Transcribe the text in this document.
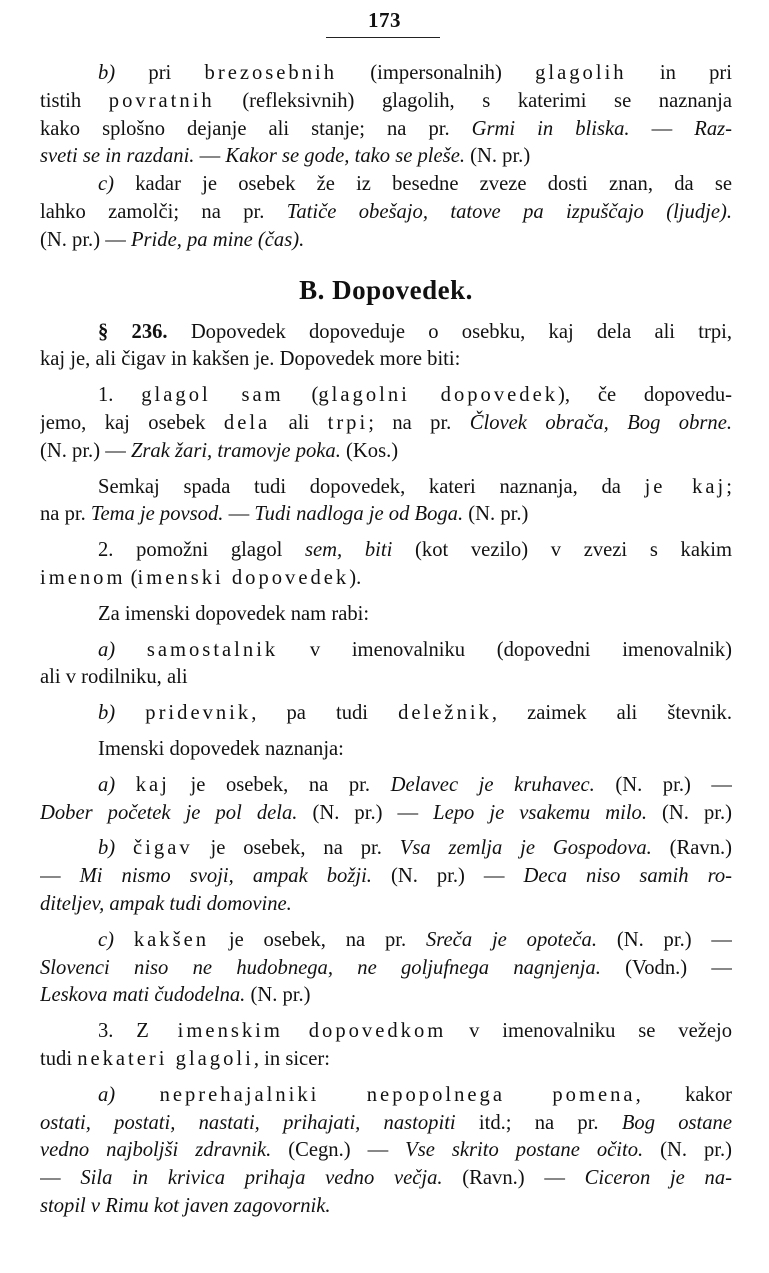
173
b) pri brezosebnih (impersonalnih) glagolih in pri
tistih povratnih (refleksivnih) glagolih, s katerimi se naznanja
kako splošno dejanje ali stanje; na pr. Grmi in bliska. — Raz-
sveti se in razdani. — Kakor se gode, tako se pleše. (N. pr.)
c) kadar je osebek že iz besedne zveze dosti znan, da se
lahko zamolči; na pr. Tatiče obešajo, tatove pa izpuščajo (ljudje).
(N. pr.) — Pride, pa mine (čas).
B. Dopovedek.
§ 236. Dopovedek dopoveduje o osebku, kaj dela ali trpi,
kaj je, ali čigav in kakšen je. Dopovedek more biti:
1. glagol sam (glagolni dopovedek), če dopovedu-
jemo, kaj osebek dela ali trpi; na pr. Človek obrača, Bog obrne.
(N. pr.) — Zrak žari, tramovje poka. (Kos.)
Semkaj spada tudi dopovedek, kateri naznanja, da je kaj;
na pr. Tema je povsod. — Tudi nadloga je od Boga. (N. pr.)
2. pomožni glagol sem, biti (kot vezilo) v zvezi s kakim
imenom (imenski dopovedek).
Za imenski dopovedek nam rabi:
a) samostalnik v imenovalniku (dopovedni imenovalnik)
ali v rodilniku, ali
b) pridevnik, pa tudi deležnik, zaimek ali števnik.
Imenski dopovedek naznanja:
a) kaj je osebek, na pr. Delavec je kruhavec. (N. pr.) —
Dober početek je pol dela. (N. pr.) — Lepo je vsakemu milo. (N. pr.)
b) čigav je osebek, na pr. Vsa zemlja je Gospodova. (Ravn.)
— Mi nismo svoji, ampak božji. (N. pr.) — Deca niso samih ro-
diteljev, ampak tudi domovine.
c) kakšen je osebek, na pr. Sreča je opoteča. (N. pr.) —
Slovenci niso ne hudobnega, ne goljufnega nagnjenja. (Vodn.) —
Leskova mati čudodelna. (N. pr.)
3. Z imenskim dopovedkom v imenovalniku se vežejo
tudi nekateri glagoli, in sicer:
a) neprehajalniki nepopolnega pomena, kakor
ostati, postati, nastati, prihajati, nastopiti itd.; na pr. Bog ostane
vedno najboljši zdravnik. (Cegn.) — Vse skrito postane očito. (N. pr.)
— Sila in krivica prihaja vedno večja. (Ravn.) — Ciceron je na-
stopil v Rimu kot javen zagovornik.
